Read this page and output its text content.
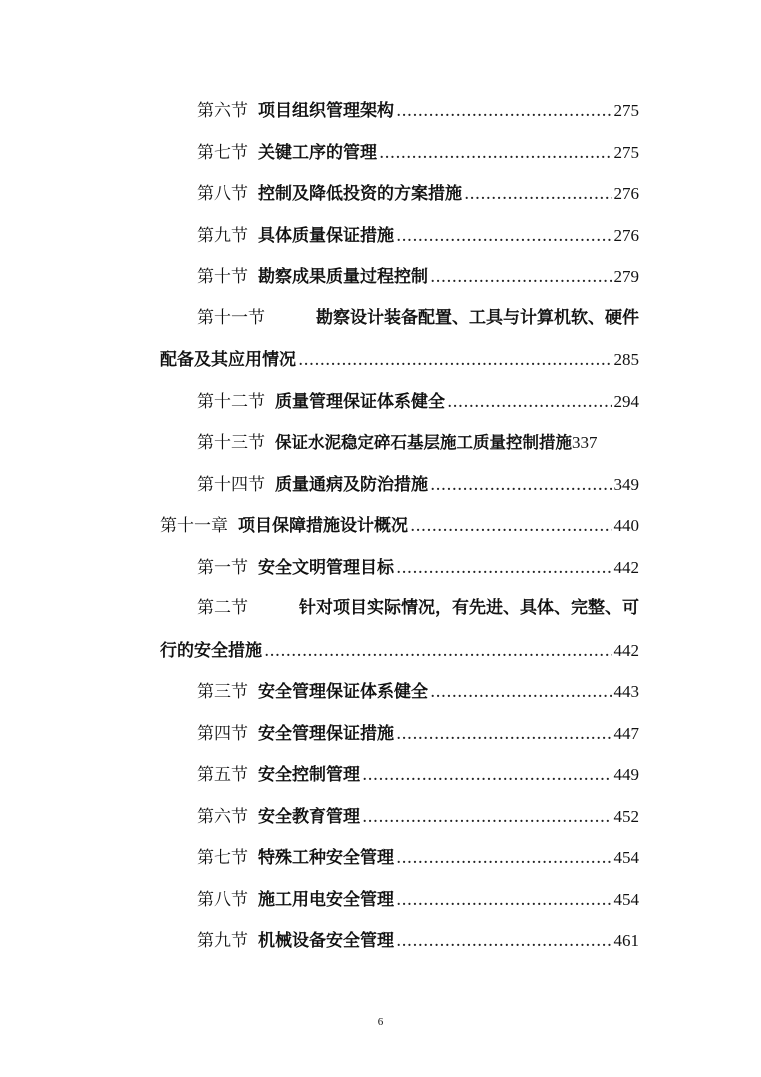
第六节 项目组织管理架构 .....	275
第七节 关键工序的管理 .....	275
第八节 控制及降低投资的方案措施 .....	276
第九节 具体质量保证措施 .....	276
第十节 勘察成果质量过程控制 .....	279
第十一节	勘察设计装备配置、工具与计算机软、硬件
配备及其应用情况 .....	285
第十二节 质量管理保证体系健全 .....	294
第十三节 保证水泥稳定碎石基层施工质量控制措施 337
第十四节 质量通病及防治措施 .....	349
第十一章 项目保障措施设计概况 .....	440
第一节 安全文明管理目标 .....	442
第二节	针对项目实际情况，有先进、具体、完整、可
行的安全措施 .....	442
第三节 安全管理保证体系健全 .....	443
第四节 安全管理保证措施 .....	447
第五节 安全控制管理 .....	449
第六节 安全教育管理 .....	452
第七节 特殊工种安全管理 .....	454
第八节 施工用电安全管理 .....	454
第九节 机械设备安全管理 .....	461
6
